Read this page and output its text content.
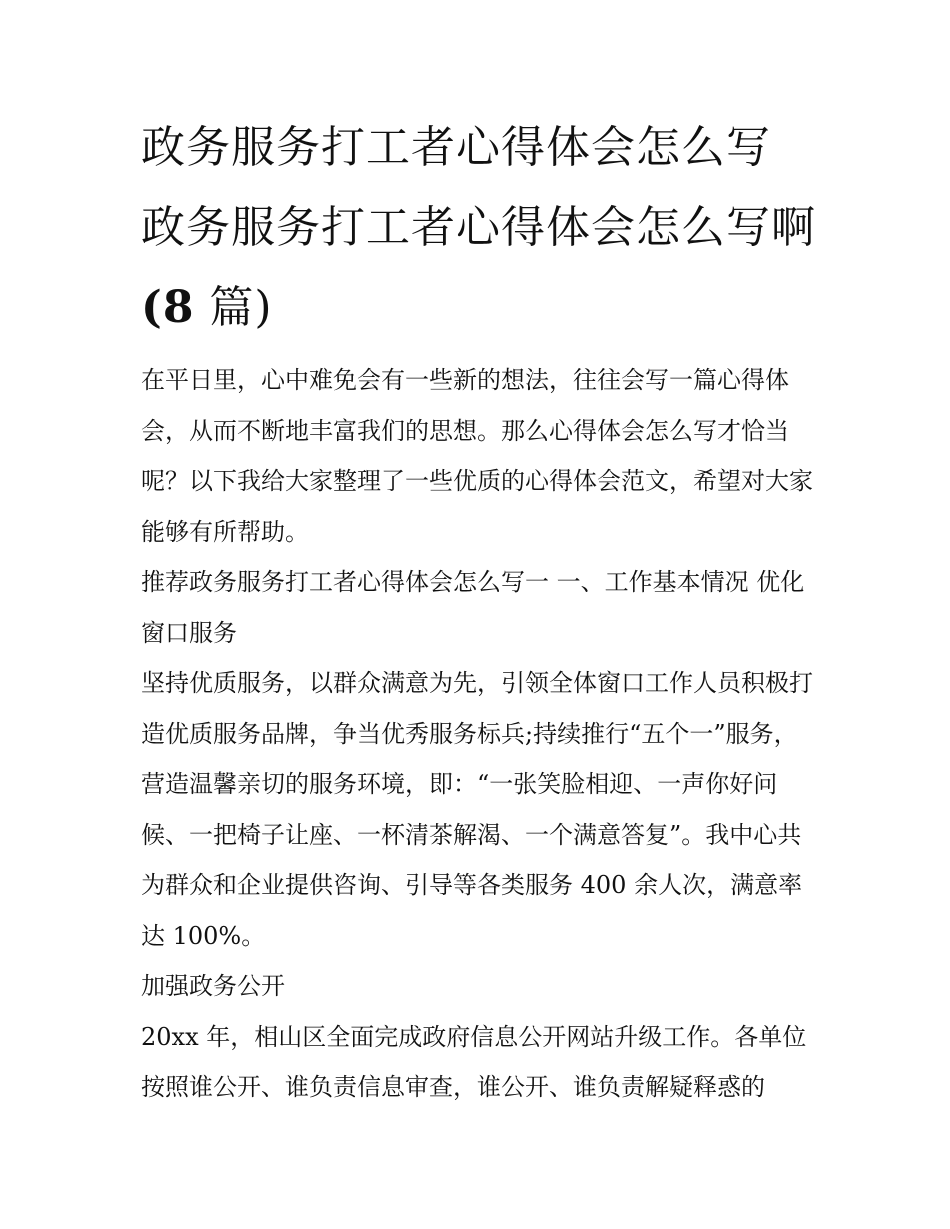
政务服务打工者心得体会怎么写 政务服务打工者心得体会怎么写啊(8 篇)

在平日里，心中难免会有一些新的想法，往往会写一篇心得体会，从而不断地丰富我们的思想。那么心得体会怎么写才恰当呢？以下我给大家整理了一些优质的心得体会范文，希望对大家能够有所帮助。

推荐政务服务打工者心得体会怎么写一 一、工作基本情况 优化窗口服务

坚持优质服务，以群众满意为先，引领全体窗口工作人员积极打造优质服务品牌，争当优秀服务标兵;持续推行“五个一”服务，营造温馨亲切的服务环境，即：“一张笑脸相迎、一声你好问候、一把椅子让座、一杯清茶解渴、一个满意答复”。我中心共为群众和企业提供咨询、引导等各类服务 400 余人次，满意率达 100%。

加强政务公开

20xx 年，相山区全面完成政府信息公开网站升级工作。各单位按照谁公开、谁负责信息审查，谁公开、谁负责解疑释惑的
